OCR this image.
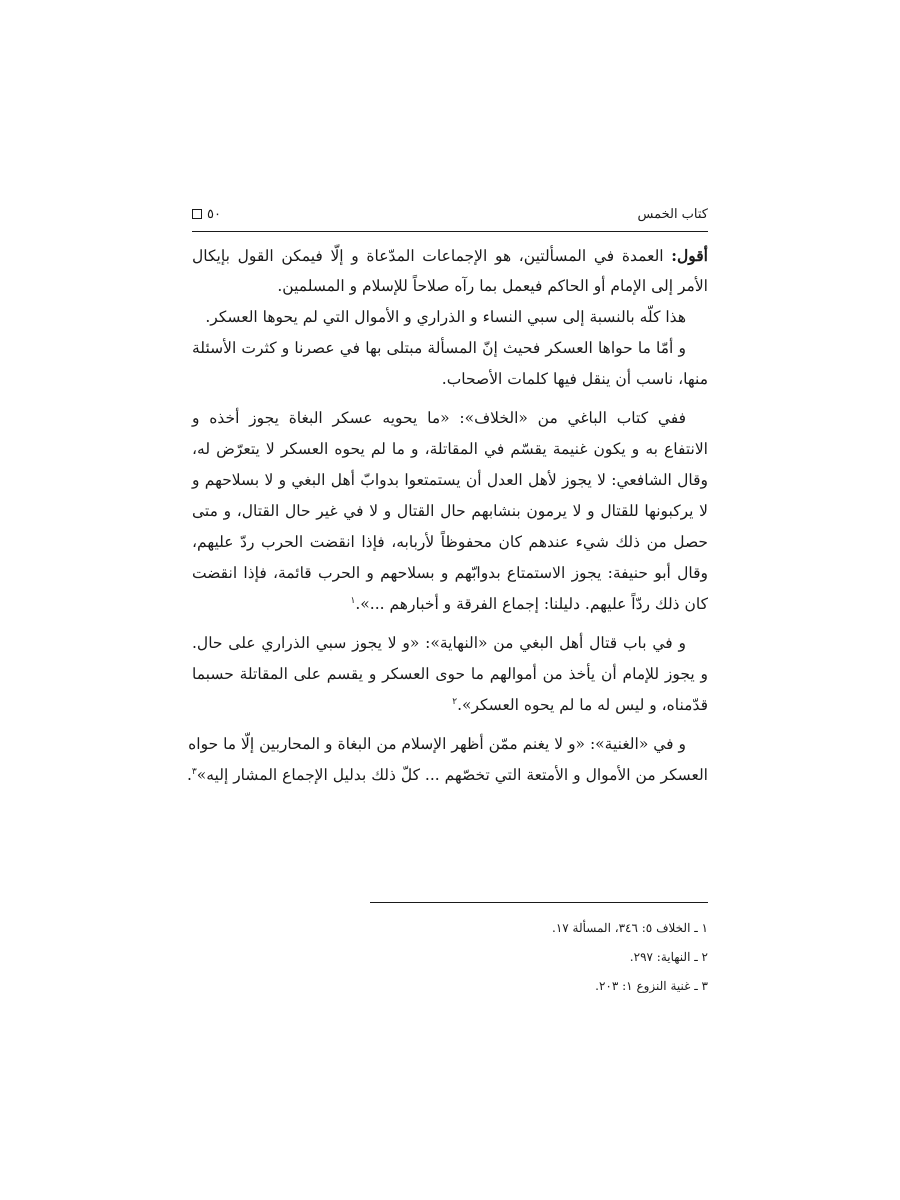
كتاب الخمس
٥٠
أقول: العمدة في المسألتين، هو الإجماعات المدّعاة و إلّا فيمكن القول بإيكال
الأمر إلى الإمام أو الحاكم فيعمل بما رآه صلاحاً للإسلام و المسلمين.
هذا كلّه بالنسبة إلى سبي النساء و الذراري و الأموال التي لم يحوها العسكر.
و أمّا ما حواها العسكر فحيث إنّ المسألة مبتلى بها في عصرنا و كثرت الأسئلة
منها، ناسب أن ينقل فيها كلمات الأصحاب.
ففي كتاب الباغي من «الخلاف»: «ما يحويه عسكر البغاة يجوز أخذه و
الانتفاع به و يكون غنيمة يقسّم في المقاتلة، و ما لم يحوه العسكر لا يتعرّض له،
وقال الشافعي: لا يجوز لأهل العدل أن يستمتعوا بدوابّ أهل البغي و لا بسلاحهم و
لا يركبونها للقتال و لا يرمون بنشابهم حال القتال و لا في غير حال القتال، و متى
حصل من ذلك شيء عندهم كان محفوظاً لأربابه، فإذا انقضت الحرب ردّ عليهم،
وقال أبو حنيفة: يجوز الاستمتاع بدوابّهم و بسلاحهم و الحرب قائمة، فإذا انقضت
كان ذلك ردّاً عليهم. دليلنا: إجماع الفرقة و أخبارهم ...».$^١$
و في باب قتال أهل البغي من «النهاية»: «و لا يجوز سبي الذراري على حال.
و يجوز للإمام أن يأخذ من أموالهم ما حوى العسكر و يقسم على المقاتلة حسبما
قدّمناه، و ليس له ما لم يحوه العسكر».$^٢$
و في «الغنية»: «و لا يغنم ممّن أظهر الإسلام من البغاة و المحاربين إلّا ما حواه
العسكر من الأموال و الأمتعة التي تخصّهم ... كلّ ذلك بدليل الإجماع المشار إليه»$^٣$.
١ ـ الخلاف ٥: ٣٤٦، المسألة ١٧.
٢ ـ النهاية: ٢٩٧.
٣ ـ غنية النزوع ١: ٢٠٣.
